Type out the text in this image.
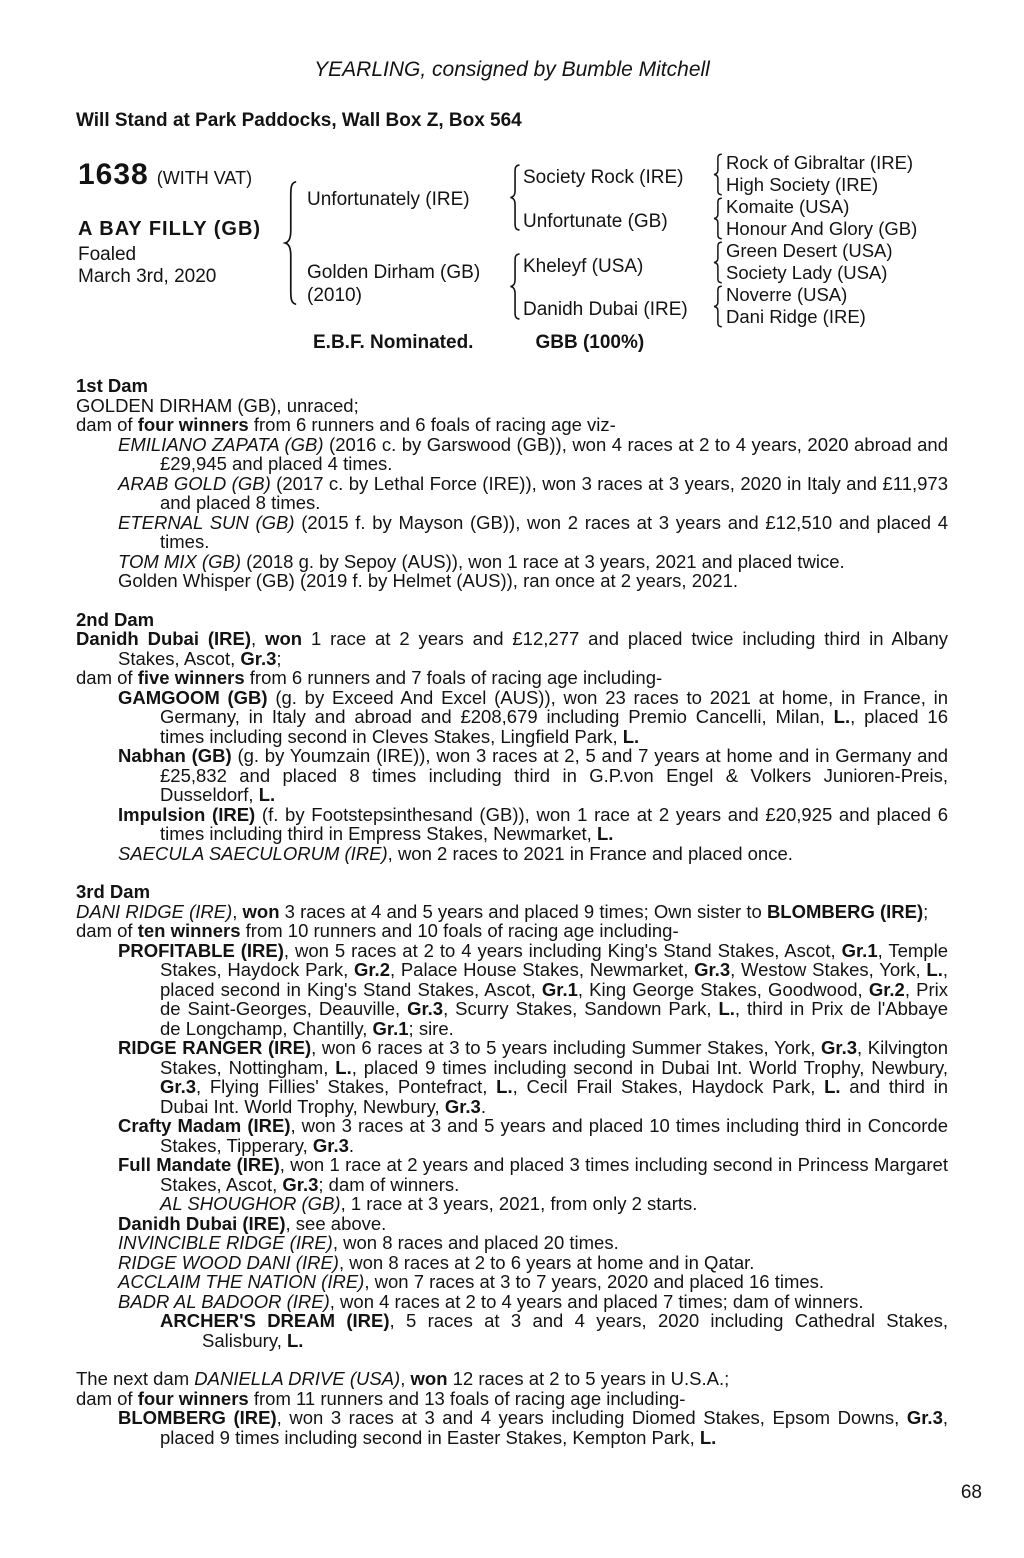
YEARLING, consigned by Bumble Mitchell
Will Stand at Park Paddocks, Wall Box Z, Box 564
1638 (WITH VAT)
A BAY FILLY (GB)
Foaled
March 3rd, 2020
Unfortunately (IRE)
Golden Dirham (GB)
(2010)
Society Rock (IRE)
Unfortunate (GB)
Kheleyf (USA)
Danidh Dubai (IRE)
Rock of Gibraltar (IRE)
High Society (IRE)
Komaite (USA)
Honour And Glory (GB)
Green Desert (USA)
Society Lady (USA)
Noverre (USA)
Dani Ridge (IRE)
E.B.F. Nominated.	GBB (100%)
1st Dam

GOLDEN DIRHAM (GB), unraced;

dam of four winners from 6 runners and 6 foals of racing age viz-

EMILIANO ZAPATA (GB) (2016 c. by Garswood (GB)), won 4 races at 2 to 4 years, 2020 abroad and £29,945 and placed 4 times.

ARAB GOLD (GB) (2017 c. by Lethal Force (IRE)), won 3 races at 3 years, 2020 in Italy and £11,973 and placed 8 times.

ETERNAL SUN (GB) (2015 f. by Mayson (GB)), won 2 races at 3 years and £12,510 and placed 4 times.

TOM MIX (GB) (2018 g. by Sepoy (AUS)), won 1 race at 3 years, 2021 and placed twice.

Golden Whisper (GB) (2019 f. by Helmet (AUS)), ran once at 2 years, 2021.

2nd Dam

Danidh Dubai (IRE), won 1 race at 2 years and £12,277 and placed twice including third in Albany Stakes, Ascot, Gr.3;

dam of five winners from 6 runners and 7 foals of racing age including-

GAMGOOM (GB) (g. by Exceed And Excel (AUS)), won 23 races to 2021 at home, in France, in Germany, in Italy and abroad and £208,679 including Premio Cancelli, Milan, L., placed 16 times including second in Cleves Stakes, Lingfield Park, L.

Nabhan (GB) (g. by Youmzain (IRE)), won 3 races at 2, 5 and 7 years at home and in Germany and £25,832 and placed 8 times including third in G.P.von Engel & Volkers Junioren-Preis, Dusseldorf, L.

Impulsion (IRE) (f. by Footstepsinthesand (GB)), won 1 race at 2 years and £20,925 and placed 6 times including third in Empress Stakes, Newmarket, L.

SAECULA SAECULORUM (IRE), won 2 races to 2021 in France and placed once.

3rd Dam

DANI RIDGE (IRE), won 3 races at 4 and 5 years and placed 9 times; Own sister to BLOMBERG (IRE);

dam of ten winners from 10 runners and 10 foals of racing age including-

PROFITABLE (IRE), won 5 races at 2 to 4 years including King's Stand Stakes, Ascot, Gr.1, Temple Stakes, Haydock Park, Gr.2, Palace House Stakes, Newmarket, Gr.3, Westow Stakes, York, L., placed second in King's Stand Stakes, Ascot, Gr.1, King George Stakes, Goodwood, Gr.2, Prix de Saint-Georges, Deauville, Gr.3, Scurry Stakes, Sandown Park, L., third in Prix de l'Abbaye de Longchamp, Chantilly, Gr.1; sire.

RIDGE RANGER (IRE), won 6 races at 3 to 5 years including Summer Stakes, York, Gr.3, Kilvington Stakes, Nottingham, L., placed 9 times including second in Dubai Int. World Trophy, Newbury, Gr.3, Flying Fillies' Stakes, Pontefract, L., Cecil Frail Stakes, Haydock Park, L. and third in Dubai Int. World Trophy, Newbury, Gr.3.

Crafty Madam (IRE), won 3 races at 3 and 5 years and placed 10 times including third in Concorde Stakes, Tipperary, Gr.3.

Full Mandate (IRE), won 1 race at 2 years and placed 3 times including second in Princess Margaret Stakes, Ascot, Gr.3; dam of winners.

AL SHOUGHOR (GB), 1 race at 3 years, 2021, from only 2 starts.

Danidh Dubai (IRE), see above.

INVINCIBLE RIDGE (IRE), won 8 races and placed 20 times.

RIDGE WOOD DANI (IRE), won 8 races at 2 to 6 years at home and in Qatar.

ACCLAIM THE NATION (IRE), won 7 races at 3 to 7 years, 2020 and placed 16 times.

BADR AL BADOOR (IRE), won 4 races at 2 to 4 years and placed 7 times; dam of winners.

ARCHER'S DREAM (IRE), 5 races at 3 and 4 years, 2020 including Cathedral Stakes, Salisbury, L.

The next dam DANIELLA DRIVE (USA), won 12 races at 2 to 5 years in U.S.A.;

dam of four winners from 11 runners and 13 foals of racing age including-

BLOMBERG (IRE), won 3 races at 3 and 4 years including Diomed Stakes, Epsom Downs, Gr.3, placed 9 times including second in Easter Stakes, Kempton Park, L.

68
